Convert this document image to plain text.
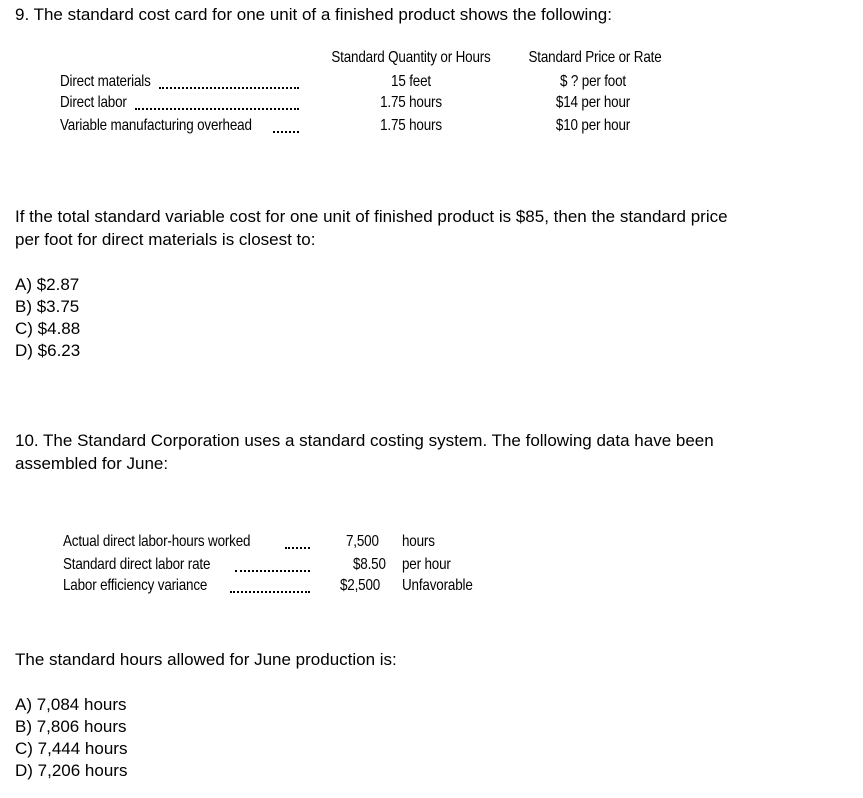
9. The standard cost card for one unit of a finished product shows the following:
Standard Quantity or Hours Standard Price or Rate
Direct materials	15 feet	$ ? per foot
Direct labor	1.75 hours	$14 per hour
Variable manufacturing overhead	1.75 hours	$10 per hour
If the total standard variable cost for one unit of finished product is $85, then the standard price
per foot for direct materials is closest to:
A) $2.87
B) $3.75
C) $4.88
D) $6.23
10. The Standard Corporation uses a standard costing system. The following data have been
assembled for June:
Actual direct labor-hours worked	7,500 hours
Standard direct labor rate	$8.50 per hour
Labor efficiency variance	$2,500 Unfavorable
The standard hours allowed for June production is:
A) 7,084 hours
B) 7,806 hours
C) 7,444 hours
D) 7,206 hours
